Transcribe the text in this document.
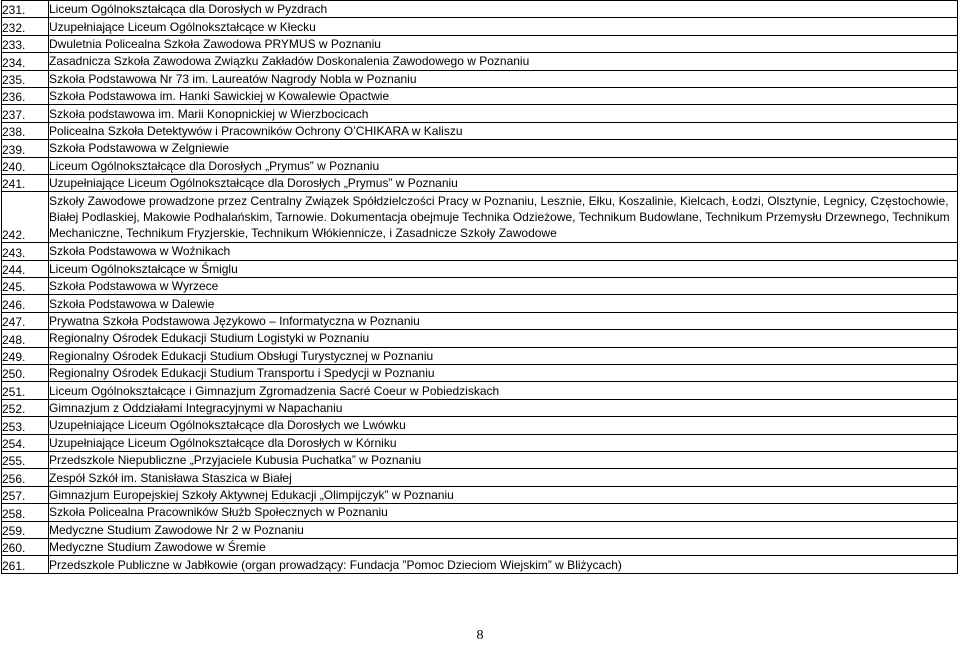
231.	Liceum Ogólnokształcąca dla Dorosłych w Pyzdrach
232.	Uzupełniające Liceum Ogólnokształcące w Kłecku
233.	Dwuletnia Policealna Szkoła Zawodowa PRYMUS w Poznaniu
234.	Zasadnicza Szkoła Zawodowa Związku Zakładów Doskonalenia Zawodowego w Poznaniu
235.	Szkoła Podstawowa Nr 73 im. Laureatów Nagrody Nobla w Poznaniu
236.	Szkoła Podstawowa im. Hanki Sawickiej w Kowalewie Opactwie
237.	Szkoła podstawowa im. Marii Konopnickiej w Wierzbocicach
238.	Policealna Szkoła Detektywów i Pracowników Ochrony O’CHIKARA w Kaliszu
239.	Szkoła Podstawowa w Zelgniewie
240.	Liceum Ogólnokształcące dla Dorosłych „Prymus” w Poznaniu
241.	Uzupełniające Liceum Ogólnokształcące dla Dorosłych „Prymus” w Poznaniu
242.	Szkoły Zawodowe prowadzone przez Centralny Związek Spółdzielczości Pracy w Poznaniu, Lesznie, Ełku, Koszalinie, Kielcach, Łodzi, Olsztynie, Legnicy, Częstochowie, Białej Podlaskiej, Makowie Podhalańskim, Tarnowie. Dokumentacja obejmuje Technika Odzieżowe, Technikum Budowlane, Technikum Przemysłu Drzewnego, Technikum Mechaniczne, Technikum Fryzjerskie, Technikum Włókiennicze, i Zasadnicze Szkoły Zawodowe
243.	Szkoła Podstawowa w Woźnikach
244.	Liceum Ogólnokształcące w Śmiglu
245.	Szkoła Podstawowa w Wyrzece
246.	Szkoła Podstawowa w Dalewie
247.	Prywatna Szkoła Podstawowa Językowo – Informatyczna w Poznaniu
248.	Regionalny Ośrodek Edukacji Studium Logistyki w Poznaniu
249.	Regionalny Ośrodek Edukacji Studium Obsługi Turystycznej w Poznaniu
250.	Regionalny Ośrodek Edukacji Studium Transportu i Spedycji w Poznaniu
251.	Liceum Ogólnokształcące i Gimnazjum Zgromadzenia Sacré Coeur w Pobiedziskach
252.	Gimnazjum z Oddziałami Integracyjnymi w Napachaniu
253.	Uzupełniające Liceum Ogólnokształcące dla Dorosłych we Lwówku
254.	Uzupełniające Liceum Ogólnokształcące dla Dorosłych w Kórniku
255.	Przedszkole Niepubliczne „Przyjaciele Kubusia Puchatka” w Poznaniu
256.	Zespół Szkół im. Stanisława Staszica w Białej
257.	Gimnazjum Europejskiej Szkoły Aktywnej Edukacji „Olimpijczyk” w Poznaniu
258.	Szkoła Policealna Pracowników Służb Społecznych w Poznaniu
259.	Medyczne Studium Zawodowe Nr 2 w Poznaniu
260.	Medyczne Studium Zawodowe w Śremie
261.	Przedszkole Publiczne w Jabłkowie (organ prowadzący: Fundacja ”Pomoc Dzieciom Wiejskim” w Bliżycach)
8
